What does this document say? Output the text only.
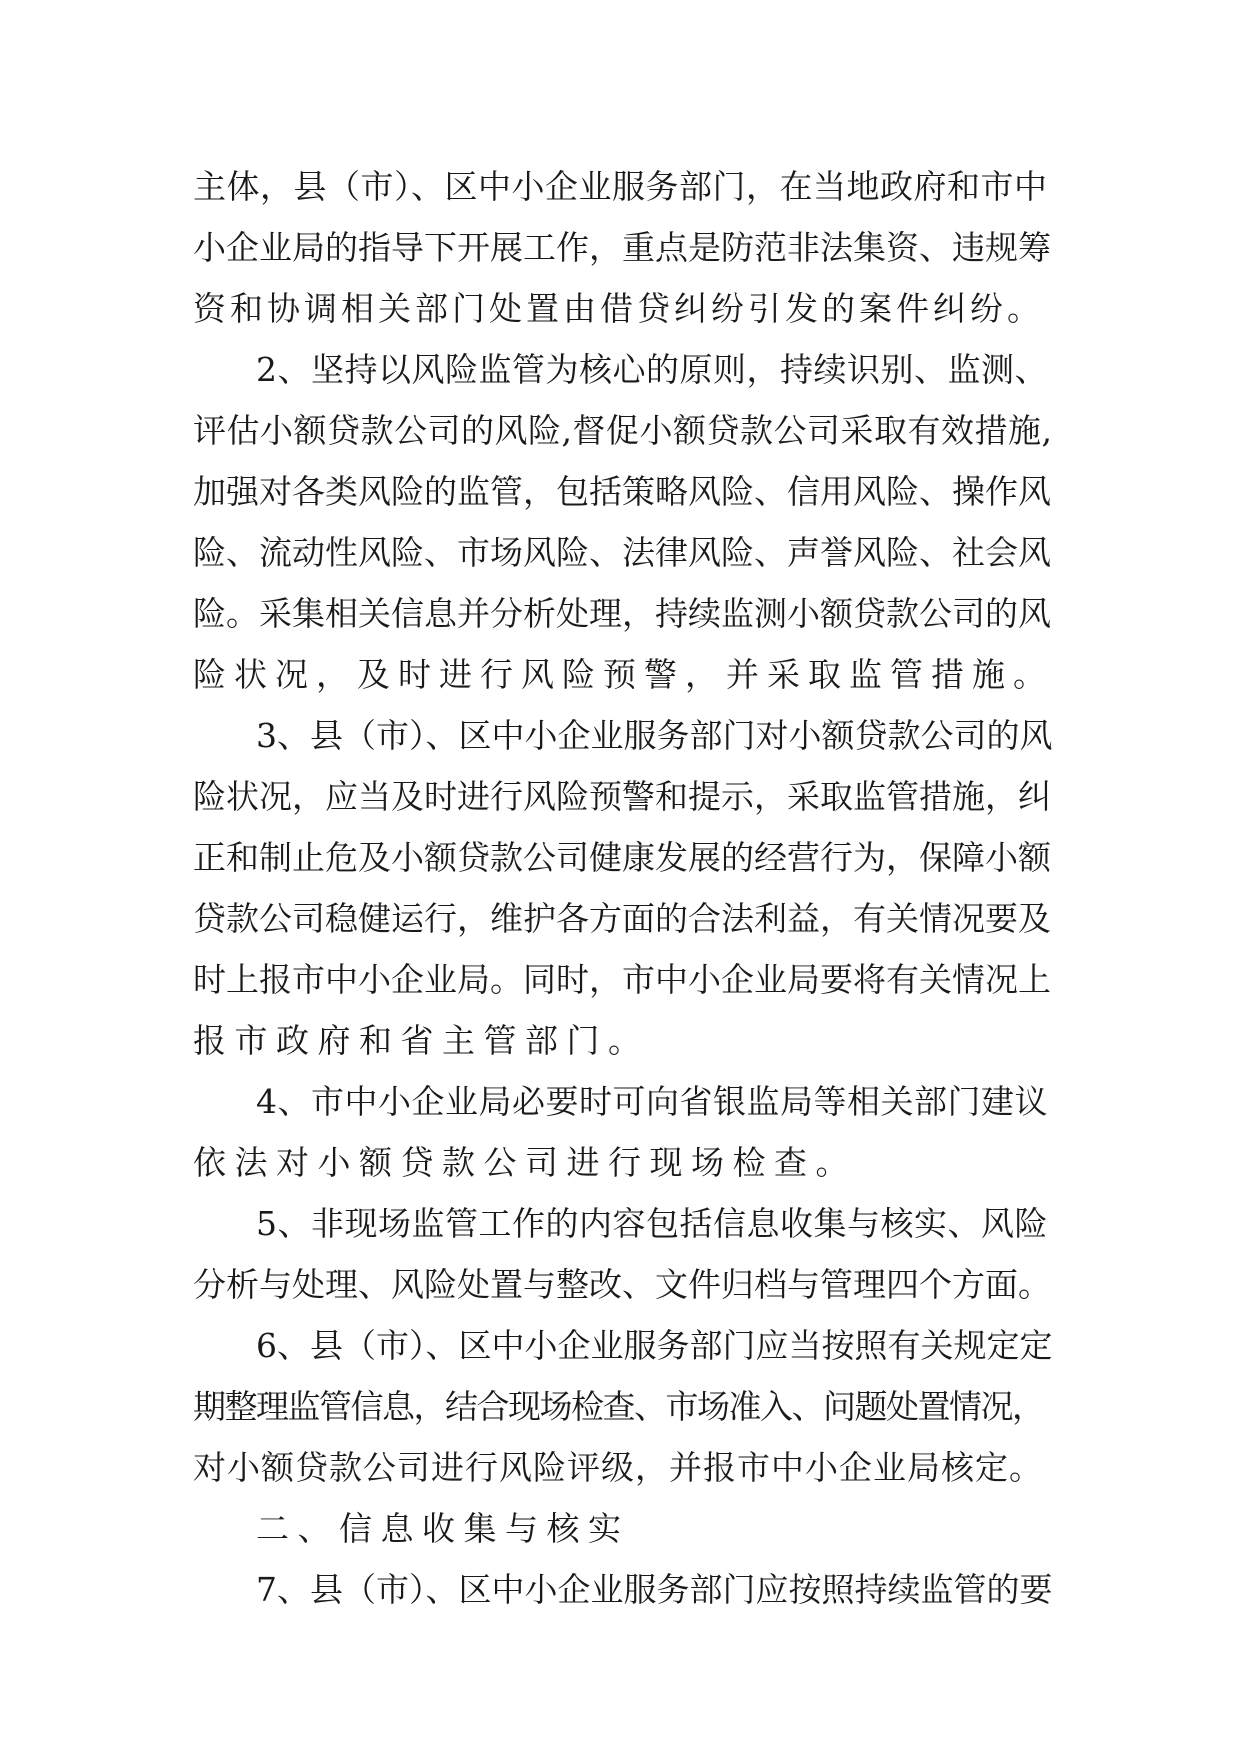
主体，县（市）、区中小企业服务部门，在当地政府和市中
小企业局的指导下开展工作，重点是防范非法集资、违规筹
资和协调相关部门处置由借贷纠纷引发的案件纠纷。
2、坚持以风险监管为核心的原则，持续识别、监测、
评估小额贷款公司的风险,督促小额贷款公司采取有效措施,
加强对各类风险的监管，包括策略风险、信用风险、操作风
险、流动性风险、市场风险、法律风险、声誉风险、社会风
险。采集相关信息并分析处理，持续监测小额贷款公司的风
险状况，及时进行风险预警，并采取监管措施。
3、县（市）、区中小企业服务部门对小额贷款公司的风
险状况，应当及时进行风险预警和提示，采取监管措施，纠
正和制止危及小额贷款公司健康发展的经营行为，保障小额
贷款公司稳健运行，维护各方面的合法利益，有关情况要及
时上报市中小企业局。同时，市中小企业局要将有关情况上
报市政府和省主管部门。
4、市中小企业局必要时可向省银监局等相关部门建议
依法对小额贷款公司进行现场检查。
5、非现场监管工作的内容包括信息收集与核实、风险
分析与处理、风险处置与整改、文件归档与管理四个方面。
6、县（市）、区中小企业服务部门应当按照有关规定定
期整理监管信息，结合现场检查、市场准入、问题处置情况，
对小额贷款公司进行风险评级，并报市中小企业局核定。
二、信息收集与核实
7、县（市）、区中小企业服务部门应按照持续监管的要
